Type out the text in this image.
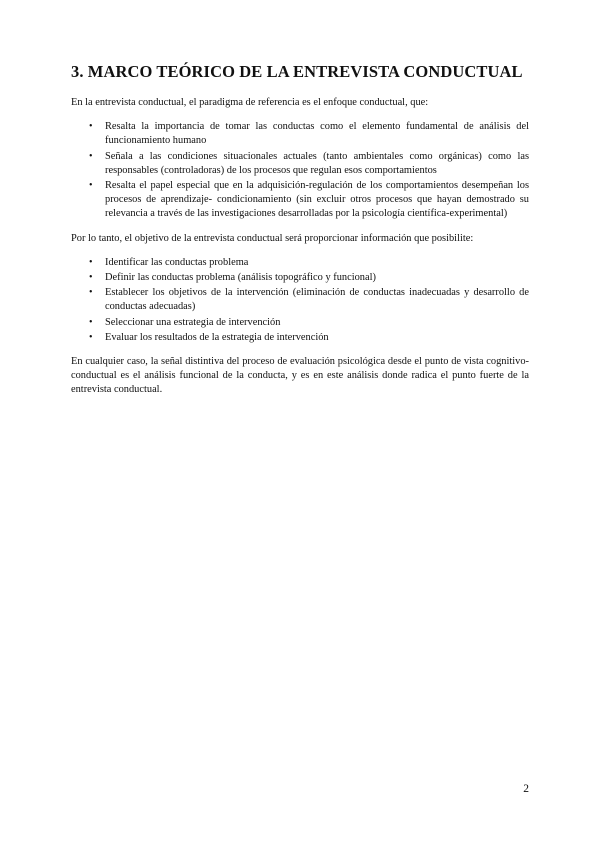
3. MARCO TEÓRICO DE LA ENTREVISTA CONDUCTUAL

En la entrevista conductual, el paradigma de referencia es el enfoque conductual, que:

• Resalta la importancia de tomar las conductas como el elemento fundamental de análisis del funcionamiento humano
• Señala a las condiciones situacionales actuales (tanto ambientales como orgánicas) como las responsables (controladoras) de los procesos que regulan esos comportamientos
• Resalta el papel especial que en la adquisición-regulación de los comportamientos desempeñan los procesos de aprendizaje- condicionamiento (sin excluir otros procesos que hayan demostrado su relevancia a través de las investigaciones desarrolladas por la psicología científica-experimental)

Por lo tanto, el objetivo de la entrevista conductual será proporcionar información que posibilite:

• Identificar las conductas problema
• Definir las conductas problema (análisis topográfico y funcional)
• Establecer los objetivos de la intervención (eliminación de conductas inadecuadas y desarrollo de conductas adecuadas)
• Seleccionar una estrategia de intervención
• Evaluar los resultados de la estrategia de intervención

En cualquier caso, la señal distintiva del proceso de evaluación psicológica desde el punto de vista cognitivo- conductual es el análisis funcional de la conducta, y es en este análisis donde radica el punto fuerte de la entrevista conductual.

2
